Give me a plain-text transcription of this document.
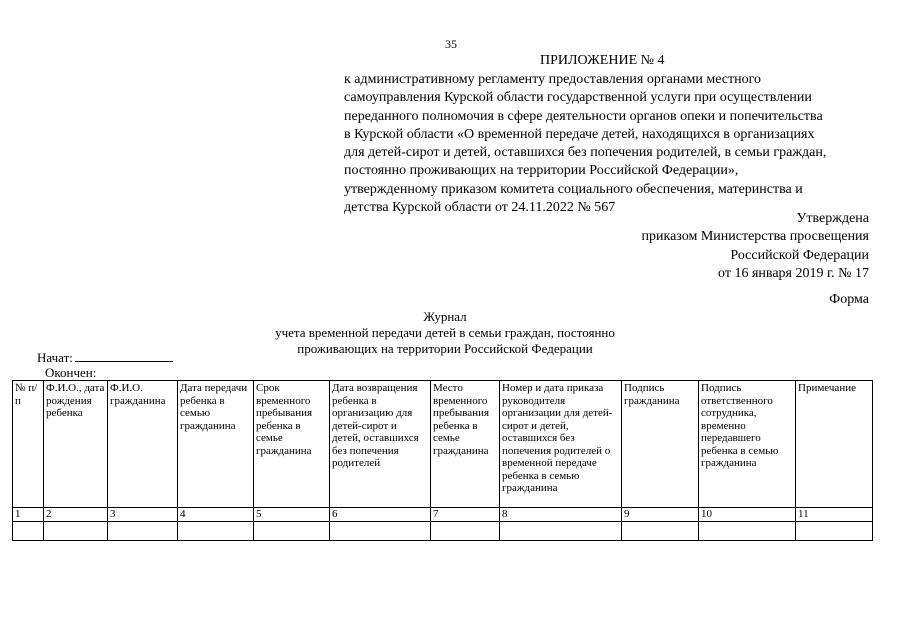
35
ПРИЛОЖЕНИЕ № 4
к административному регламенту предоставления органами местного
самоуправления Курской области государственной услуги при осуществлении
переданного полномочия в сфере деятельности органов опеки и попечительства
в Курской области «О временной передаче детей, находящихся в организациях
для детей-сирот и детей, оставшихся без попечения родителей, в семьи граждан,
постоянно проживающих на территории Российской Федерации»,
утвержденному приказом комитета социального обеспечения, материнства и
детства Курской области от 24.11.2022 № 567
Утверждена
приказом Министерства просвещения
Российской Федерации
от 16 января 2019 г. № 17
Форма
Журнал
учета временной передачи детей в семьи граждан, постоянно
проживающих на территории Российской Федерации
Начат:
Окончен:
№ п/п	Ф.И.О., дата рождения ребенка	Ф.И.О. гражданина	Дата передачи ребенка в семью гражданина	Срок временного пребывания ребенка в семье гражданина	Дата возвращения ребенка в организацию для детей-сирот и детей, оставшихся без попечения родителей	Место временного пребывания ребенка в семье гражданина	Номер и дата приказа руководителя организации для детей-сирот и детей, оставшихся без попечения родителей о временной передаче ребенка в семью гражданина	Подпись гражданина	Подпись ответственного сотрудника, временно передавшего ребенка в семью гражданина	Примечание
1	2	3	4	5	6	7	8	9	10	11
